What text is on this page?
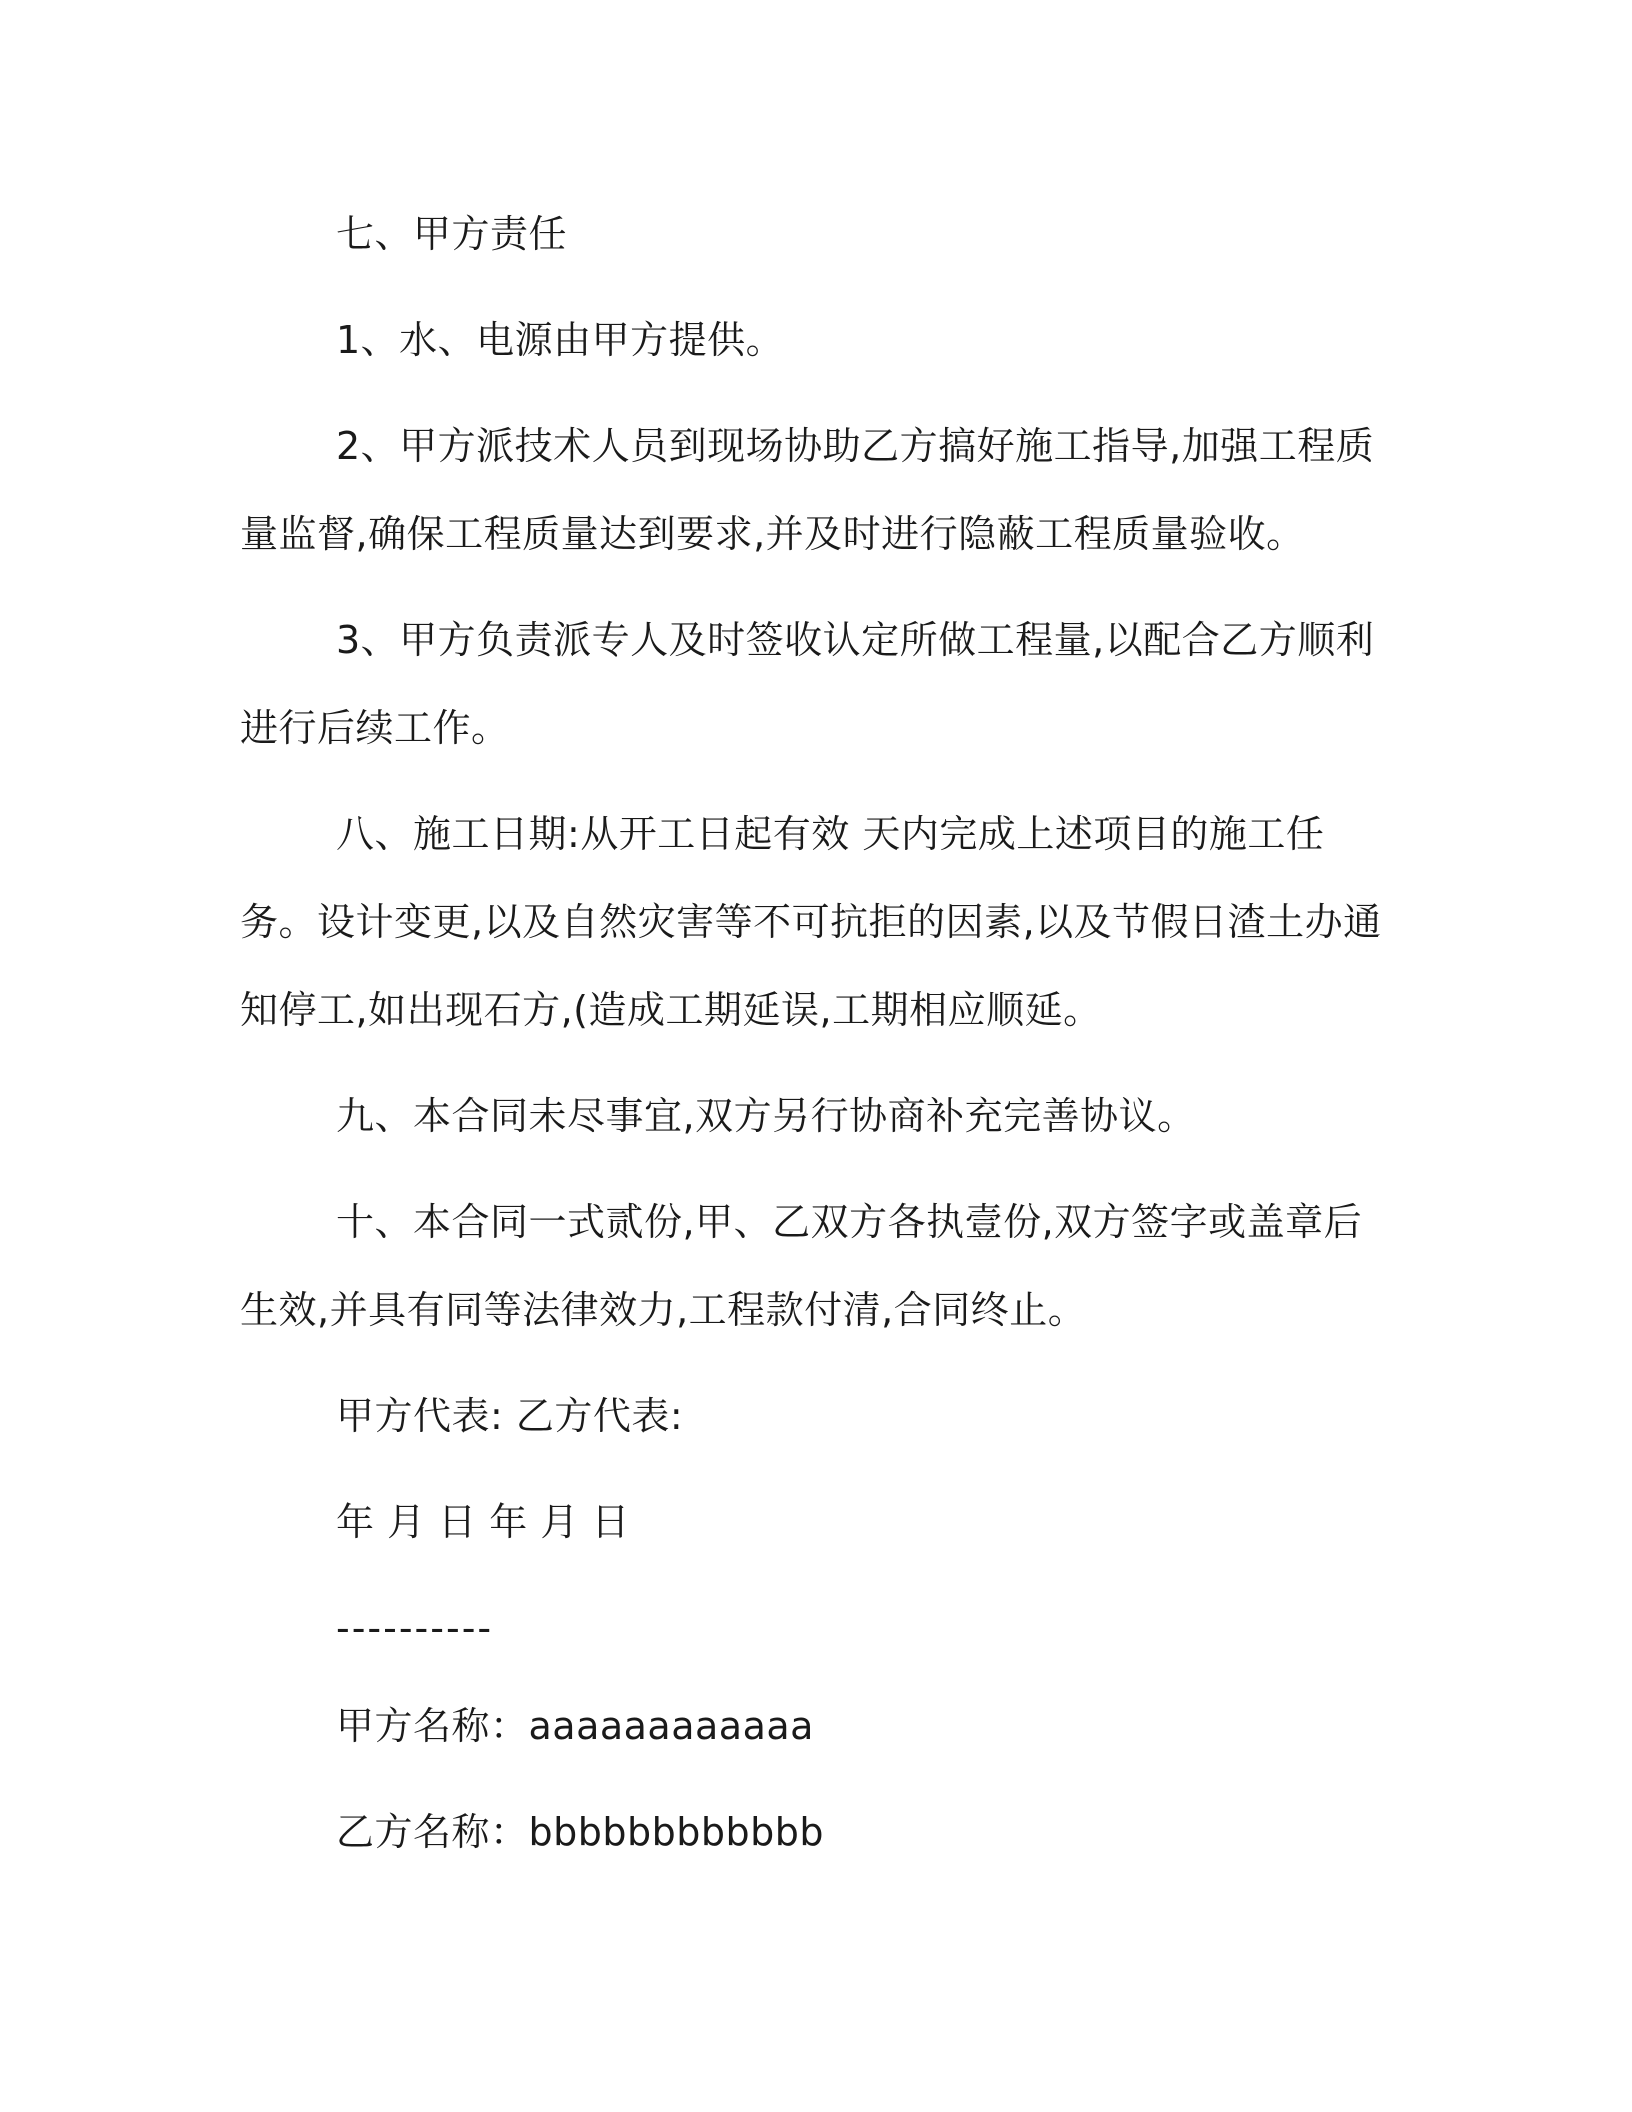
七、甲方责任

1、水、电源由甲方提供。

2、甲方派技术人员到现场协助乙方搞好施工指导,加强工程质量监督,确保工程质量达到要求,并及时进行隐蔽工程质量验收。

3、甲方负责派专人及时签收认定所做工程量,以配合乙方顺利进行后续工作。

八、施工日期:从开工日起有效 天内完成上述项目的施工任务。设计变更,以及自然灾害等不可抗拒的因素,以及节假日渣土办通知停工,如出现石方,(造成工期延误,工期相应顺延。

九、本合同未尽事宜,双方另行协商补充完善协议。

十、本合同一式贰份,甲、乙双方各执壹份,双方签字或盖章后生效,并具有同等法律效力,工程款付清,合同终止。

甲方代表: 乙方代表:
年 月 日 年 月 日
----------
甲方名称：aaaaaaaaaaaa
乙方名称：bbbbbbbbbbbb
